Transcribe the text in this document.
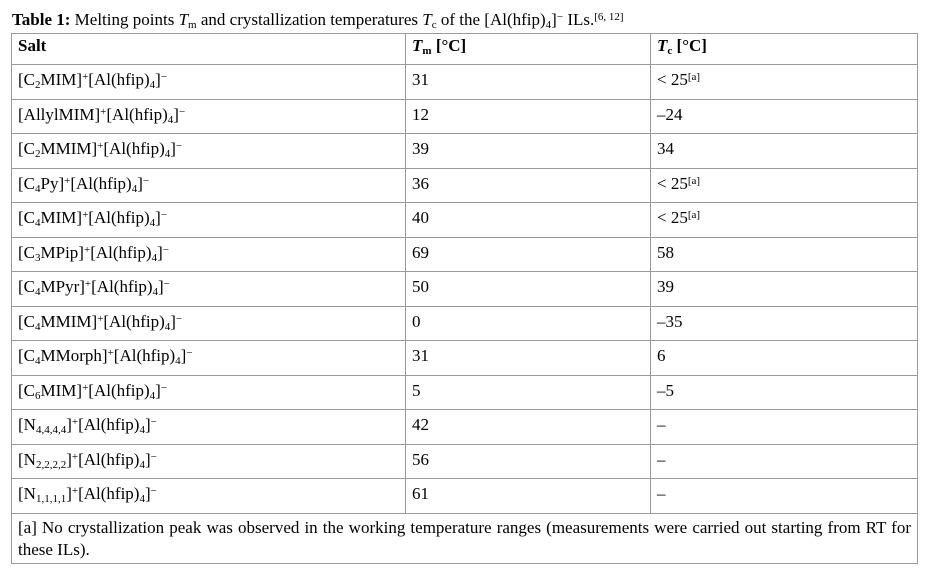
Table 1: Melting points $T_m$ and crystallization temperatures $T_c$ of the $[Al(hfip)_4]^-$ ILs.[6, 12]
Salt	$T_m$ [°C]	$T_c$ [°C]
$[C_2MIM]^+[Al(hfip)_4]^-$	31	< 25[a]
$[AllylMIM]^+[Al(hfip)_4]^-$	12	–24
$[C_2MMIM]^+[Al(hfip)_4]^-$	39	34
$[C_4Py]^+[Al(hfip)_4]^-$	36	< 25[a]
$[C_4MIM]^+[Al(hfip)_4]^-$	40	< 25[a]
$[C_3MPip]^+[Al(hfip)_4]^-$	69	58
$[C_4MPyr]^+[Al(hfip)_4]^-$	50	39
$[C_4MMIM]^+[Al(hfip)_4]^-$	0	–35
$[C_4MMorph]^+[Al(hfip)_4]^-$	31	6
$[C_6MIM]^+[Al(hfip)_4]^-$	5	–5
$[N_{4,4,4,4}]^+[Al(hfip)_4]^-$	42	–
$[N_{2,2,2,2}]^+[Al(hfip)_4]^-$	56	–
$[N_{1,1,1,1}]^+[Al(hfip)_4]^-$	61	–
[a] No crystallization peak was observed in the working temperature ranges (measurements were carried out starting from RT for these ILs).		
